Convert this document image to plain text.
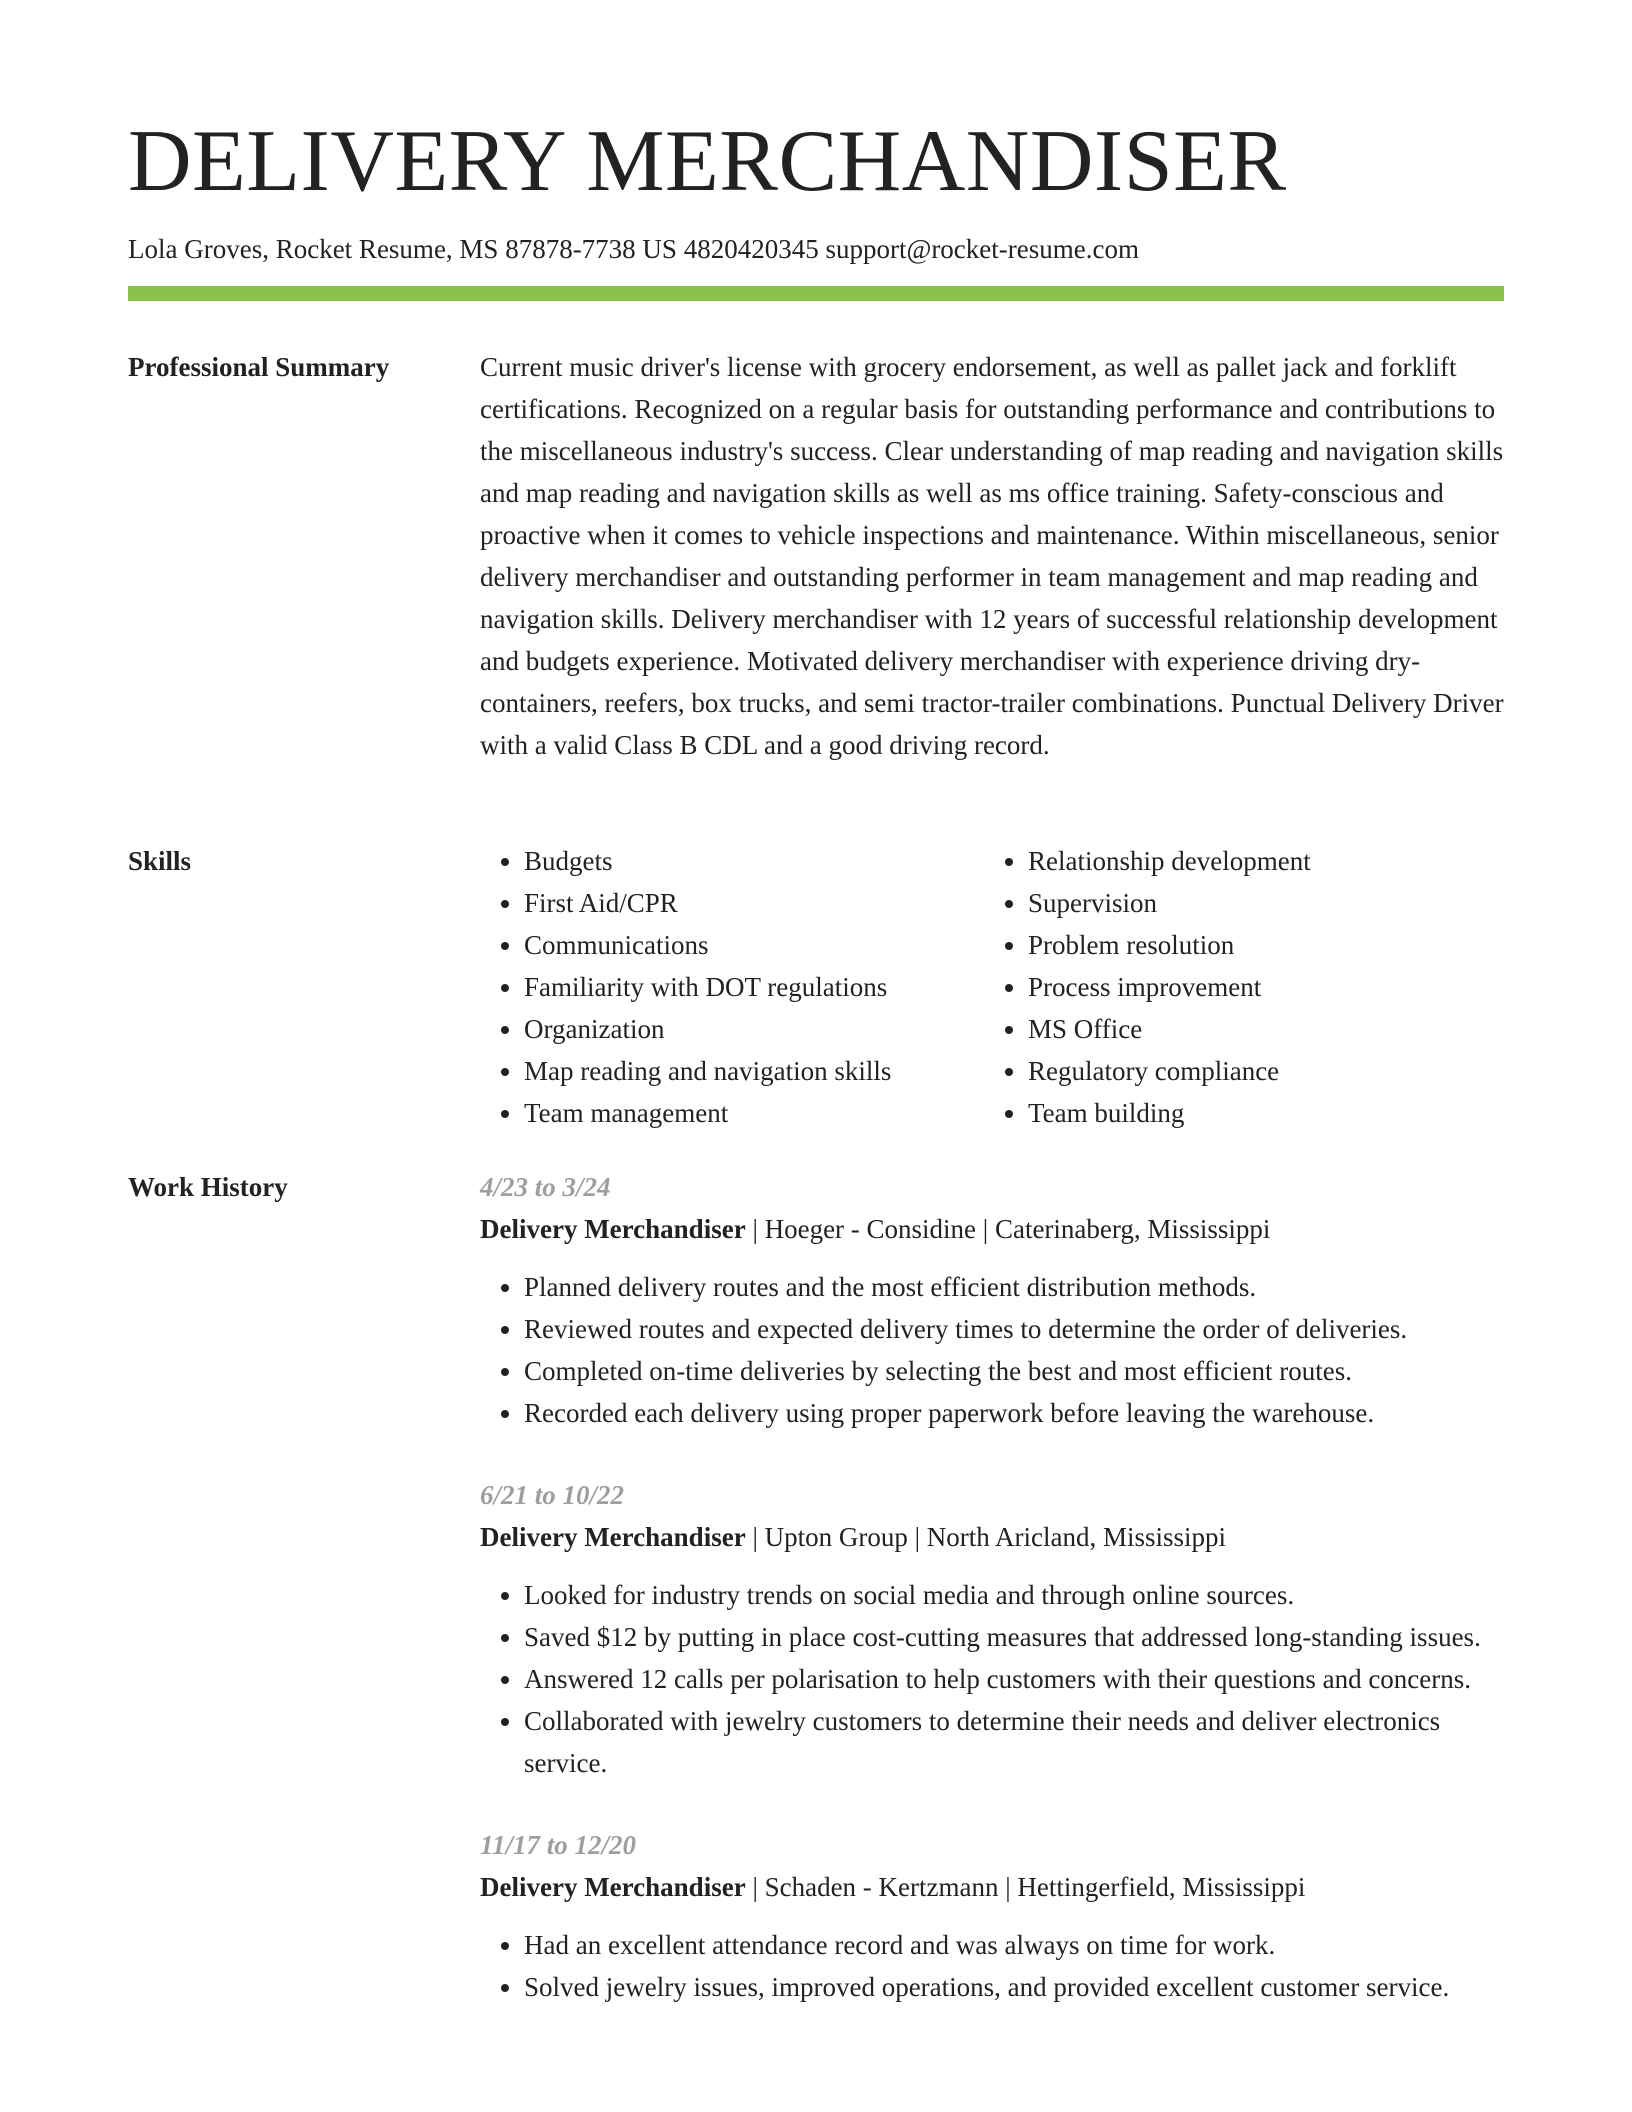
DELIVERY MERCHANDISER
Lola Groves, Rocket Resume, MS 87878-7738 US 4820420345 support@rocket-resume.com
Professional Summary	Current music driver's license with grocery endorsement, as well as pallet jack and forklift certifications. Recognized on a regular basis for outstanding performance and contributions to the miscellaneous industry's success. Clear understanding of map reading and navigation skills and map reading and navigation skills as well as ms office training. Safety-conscious and proactive when it comes to vehicle inspections and maintenance. Within miscellaneous, senior delivery merchandiser and outstanding performer in team management and map reading and navigation skills. Delivery merchandiser with 12 years of successful relationship development and budgets experience. Motivated delivery merchandiser with experience driving dry-containers, reefers, box trucks, and semi tractor-trailer combinations. Punctual Delivery Driver with a valid Class B CDL and a good driving record.

Skills
•	Budgets
• First Aid/CPR
• Communications
• Familiarity with DOT regulations
• Organization
• Map reading and navigation skills
• Team management
• Relationship development
• Supervision
• Problem resolution
• Process improvement
• MS Office
• Regulatory compliance
• Team building
Work History	4/23 to 3/24
Delivery Merchandiser | Hoeger - Considine | Caterinaberg, Mississippi
• Planned delivery routes and the most efficient distribution methods.
• Reviewed routes and expected delivery times to determine the order of deliveries.
• Completed on-time deliveries by selecting the best and most efficient routes.
• Recorded each delivery using proper paperwork before leaving the warehouse.
6/21 to 10/22
Delivery Merchandiser | Upton Group | North Aricland, Mississippi
• Looked for industry trends on social media and through online sources.
• Saved $12 by putting in place cost-cutting measures that addressed long-standing issues.
• Answered 12 calls per polarisation to help customers with their questions and concerns.
• Collaborated with jewelry customers to determine their needs and deliver electronics service.
11/17 to 12/20
Delivery Merchandiser | Schaden - Kertzmann | Hettingerfield, Mississippi
• Had an excellent attendance record and was always on time for work.
• Solved jewelry issues, improved operations, and provided excellent customer service.
